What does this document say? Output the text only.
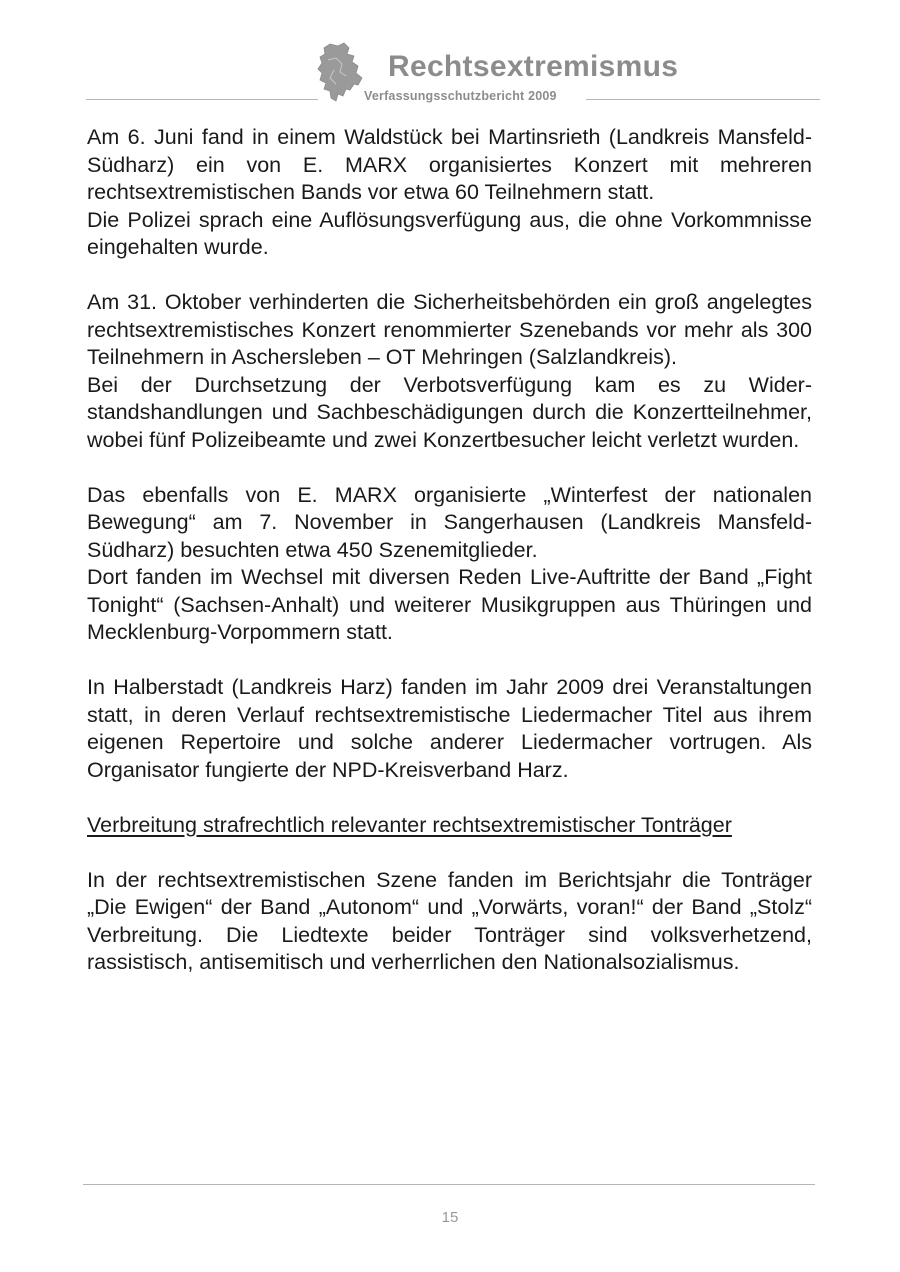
Rechtsextremismus
Verfassungsschutzbericht 2009

Am 6. Juni fand in einem Waldstück bei Martinsrieth (Landkreis Mansfeld-Südharz) ein von E. MARX organisiertes Konzert mit mehreren rechtsextremistischen Bands vor etwa 60 Teilnehmern statt.

Die Polizei sprach eine Auflösungsverfügung aus, die ohne Vorkommnisse eingehalten wurde.

Am 31. Oktober verhinderten die Sicherheitsbehörden ein groß angelegtes rechtsextremistisches Konzert renommierter Szenebands vor mehr als 300 Teilnehmern in Aschersleben – OT Mehringen (Salzlandkreis).

Bei der Durchsetzung der Verbotsverfügung kam es zu Widerstandshandlungen und Sachbeschädigungen durch die Konzertteilnehmer, wobei fünf Polizeibeamte und zwei Konzertbesucher leicht verletzt wurden.

Das ebenfalls von E. MARX organisierte „Winterfest der nationalen Bewegung“ am 7. November in Sangerhausen (Landkreis Mansfeld-Südharz) besuchten etwa 450 Szenemitglieder.

Dort fanden im Wechsel mit diversen Reden Live-Auftritte der Band „Fight Tonight“ (Sachsen-Anhalt) und weiterer Musikgruppen aus Thüringen und Mecklenburg-Vorpommern statt.

In Halberstadt (Landkreis Harz) fanden im Jahr 2009 drei Veranstaltungen statt, in deren Verlauf rechtsextremistische Liedermacher Titel aus ihrem eigenen Repertoire und solche anderer Liedermacher vortrugen. Als Organisator fungierte der NPD-Kreisverband Harz.

Verbreitung strafrechtlich relevanter rechtsextremistischer Tonträger

In der rechtsextremistischen Szene fanden im Berichtsjahr die Tonträger „Die Ewigen“ der Band „Autonom“ und „Vorwärts, voran!“ der Band „Stolz“ Verbreitung. Die Liedtexte beider Tonträger sind volksverhetzend, rassistisch, antisemitisch und verherrlichen den Nationalsozialismus.

15
